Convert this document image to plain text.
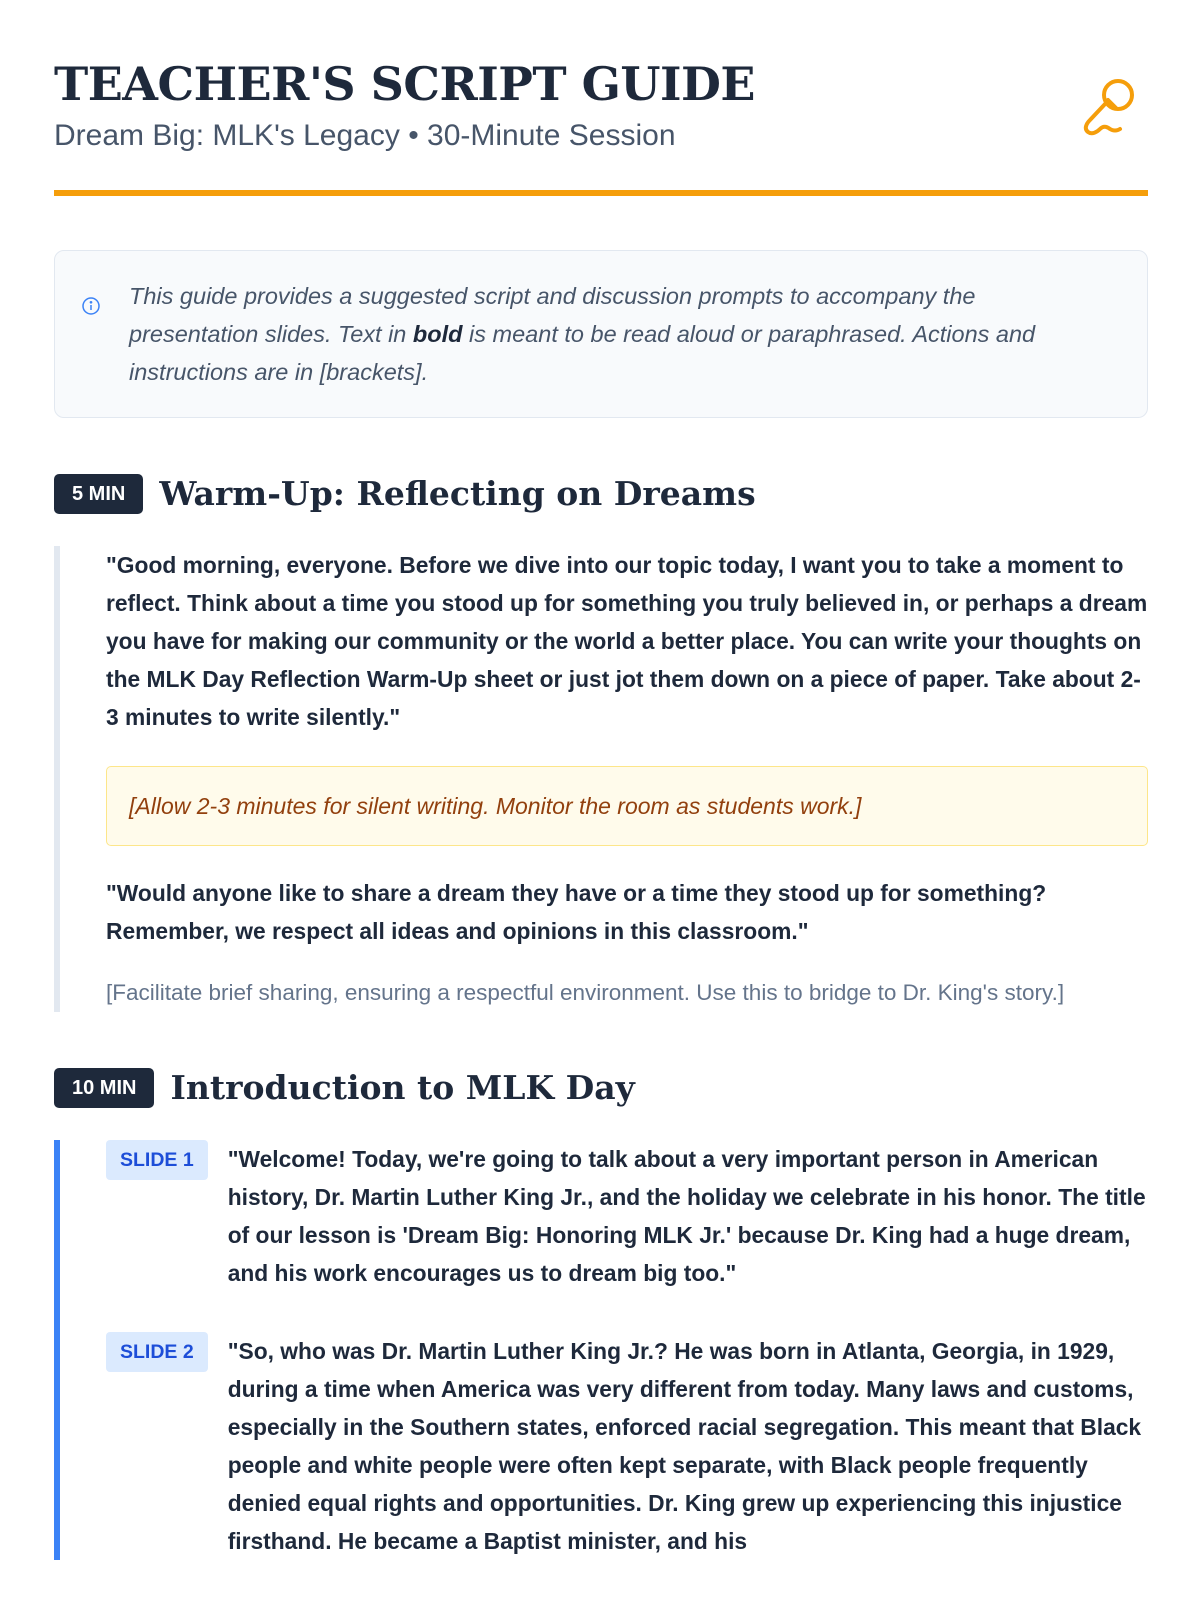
TEACHER'S SCRIPT GUIDE
Dream Big: MLK's Legacy • 30-Minute Session
This guide provides a suggested script and discussion prompts to accompany the presentation slides. Text in bold is meant to be read aloud or paraphrased. Actions and instructions are in [brackets].
5 MIN	Warm-Up: Reflecting on Dreams

"Good morning, everyone. Before we dive into our topic today, I want you to take a moment to reflect. Think about a time you stood up for something you truly believed in, or perhaps a dream you have for making our community or the world a better place. You can write your thoughts on the MLK Day Reflection Warm-Up sheet or just jot them down on a piece of paper. Take about 2-3 minutes to write silently."

[Allow 2-3 minutes for silent writing. Monitor the room as students work.]

"Would anyone like to share a dream they have or a time they stood up for something? Remember, we respect all ideas and opinions in this classroom."

[Facilitate brief sharing, ensuring a respectful environment. Use this to bridge to Dr. King's story.]
10 MIN	Introduction to MLK Day
SLIDE 1	"Welcome! Today, we're going to talk about a very important person in American history, Dr. Martin Luther King Jr., and the holiday we celebrate in his honor. The title of our lesson is 'Dream Big: Honoring MLK Jr.' because Dr. King had a huge dream, and his work encourages us to dream big too."

SLIDE 2	"So, who was Dr. Martin Luther King Jr.? He was born in Atlanta, Georgia, in 1929, during a time when America was very different from today. Many laws and customs, especially in the Southern states, enforced racial segregation. This meant that Black people and white people were often kept separate, with Black people frequently denied equal rights and opportunities. Dr. King grew up experiencing this injustice firsthand. He became a Baptist minister, and his
